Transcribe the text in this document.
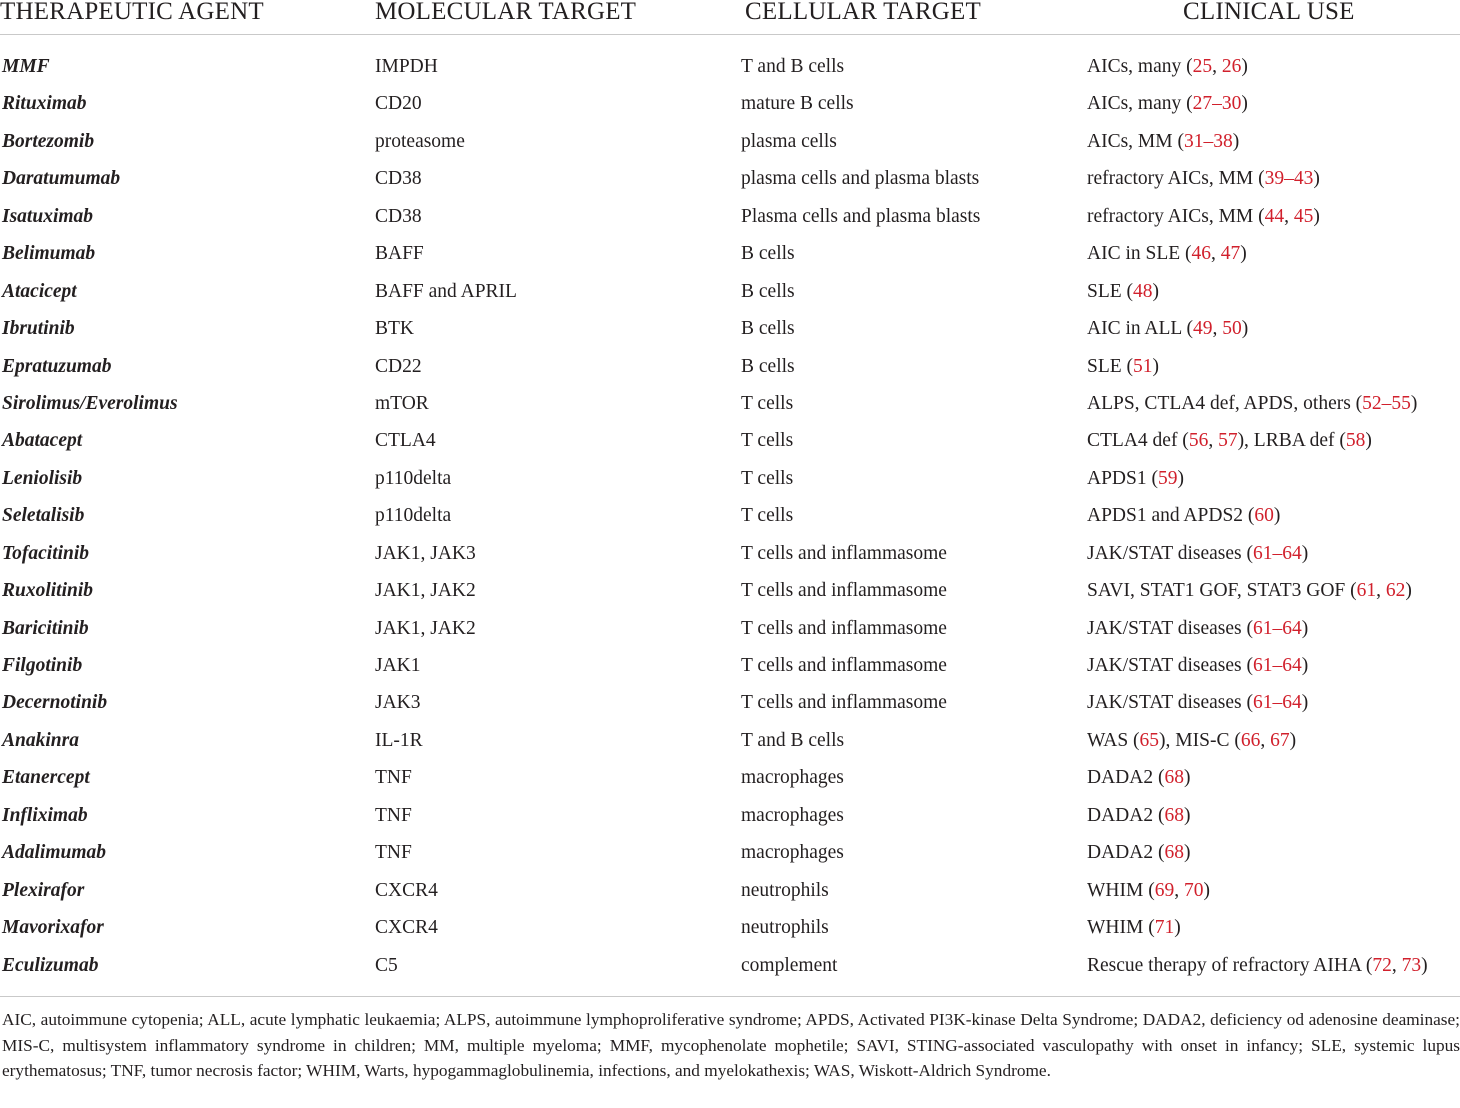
THERAPEUTIC AGENT	MOLECULAR TARGET	CELLULAR TARGET	CLINICAL USE
MMF	IMPDH	T and B cells	AICs, many (25, 26)
Rituximab	CD20	mature B cells	AICs, many (27–30)
Bortezomib	proteasome	plasma cells	AICs, MM (31–38)
Daratumumab	CD38	plasma cells and plasma blasts	refractory AICs, MM (39–43)
Isatuximab	CD38	Plasma cells and plasma blasts	refractory AICs, MM (44, 45)
Belimumab	BAFF	B cells	AIC in SLE (46, 47)
Atacicept	BAFF and APRIL	B cells	SLE (48)
Ibrutinib	BTK	B cells	AIC in ALL (49, 50)
Epratuzumab	CD22	B cells	SLE (51)
Sirolimus/Everolimus	mTOR	T cells	ALPS, CTLA4 def, APDS, others (52–55)
Abatacept	CTLA4	T cells	CTLA4 def (56, 57), LRBA def (58)
Leniolisib	p110delta	T cells	APDS1 (59)
Seletalisib	p110delta	T cells	APDS1 and APDS2 (60)
Tofacitinib	JAK1, JAK3	T cells and inflammasome	JAK/STAT diseases (61–64)
Ruxolitinib	JAK1, JAK2	T cells and inflammasome	SAVI, STAT1 GOF, STAT3 GOF (61, 62)
Baricitinib	JAK1, JAK2	T cells and inflammasome	JAK/STAT diseases (61–64)
Filgotinib	JAK1	T cells and inflammasome	JAK/STAT diseases (61–64)
Decernotinib	JAK3	T cells and inflammasome	JAK/STAT diseases (61–64)
Anakinra	IL-1R	T and B cells	WAS (65), MIS-C (66, 67)
Etanercept	TNF	macrophages	DADA2 (68)
Infliximab	TNF	macrophages	DADA2 (68)
Adalimumab	TNF	macrophages	DADA2 (68)
Plexirafor	CXCR4	neutrophils	WHIM (69, 70)
Mavorixafor	CXCR4	neutrophils	WHIM (71)
Eculizumab	C5	complement	Rescue therapy of refractory AIHA (72, 73)
AIC, autoimmune cytopenia; ALL, acute lymphatic leukaemia; ALPS, autoimmune lymphoproliferative syndrome; APDS, Activated PI3K-kinase Delta Syndrome; DADA2, deficiency od adenosine deaminase; MIS-C, multisystem inflammatory syndrome in children; MM, multiple myeloma; MMF, mycophenolate mophetile; SAVI, STING-associated vasculopathy with onset in infancy; SLE, systemic lupus erythematosus; TNF, tumor necrosis factor; WHIM, Warts, hypogammaglobulinemia, infections, and myelokathexis; WAS, Wiskott-Aldrich Syndrome.
